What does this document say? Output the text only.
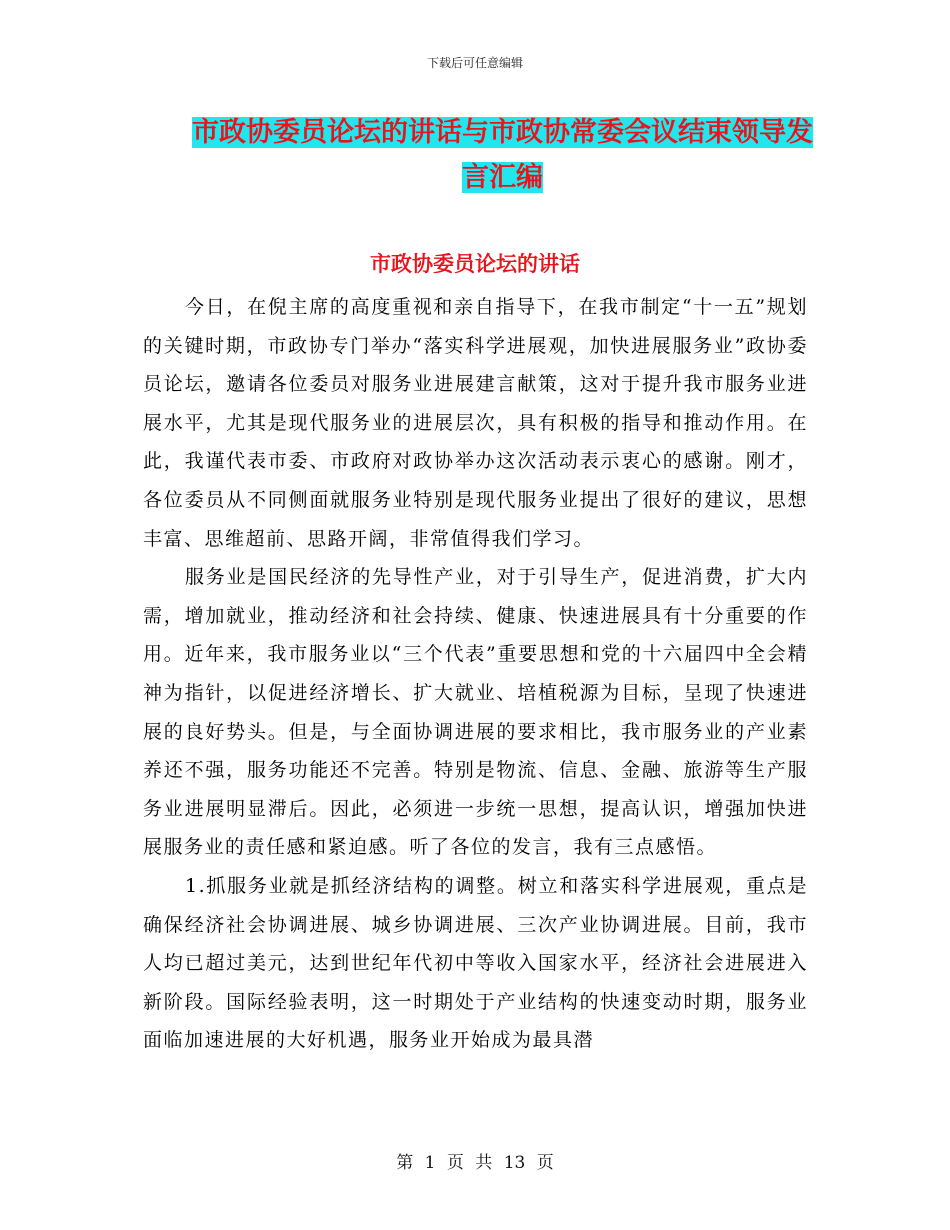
下载后可任意编辑
市政协委员论坛的讲话与市政协常委会议结束领导发言汇编
市政协委员论坛的讲话

今日，在倪主席的高度重视和亲自指导下，在我市制定“十一五”规划的关键时期，市政协专门举办“落实科学进展观，加快进展服务业”政协委员论坛，邀请各位委员对服务业进展建言献策，这对于提升我市服务业进展水平，尤其是现代服务业的进展层次，具有积极的指导和推动作用。在此，我谨代表市委、市政府对政协举办这次活动表示衷心的感谢。刚才，各位委员从不同侧面就服务业特别是现代服务业提出了很好的建议，思想丰富、思维超前、思路开阔，非常值得我们学习。

服务业是国民经济的先导性产业，对于引导生产，促进消费，扩大内需，增加就业，推动经济和社会持续、健康、快速进展具有十分重要的作用。近年来，我市服务业以“三个代表”重要思想和党的十六届四中全会精神为指针，以促进经济增长、扩大就业、培植税源为目标，呈现了快速进展的良好势头。但是，与全面协调进展的要求相比，我市服务业的产业素养还不强，服务功能还不完善。特别是物流、信息、金融、旅游等生产服务业进展明显滞后。因此，必须进一步统一思想，提高认识，增强加快进展服务业的责任感和紧迫感。听了各位的发言，我有三点感悟。

1.抓服务业就是抓经济结构的调整。树立和落实科学进展观，重点是确保经济社会协调进展、城乡协调进展、三次产业协调进展。目前，我市人均已超过美元，达到世纪年代初中等收入国家水平，经济社会进展进入新阶段。国际经验表明，这一时期处于产业结构的快速变动时期，服务业面临加速进展的大好机遇，服务业开始成为最具潜

第 1 页 共 13 页
